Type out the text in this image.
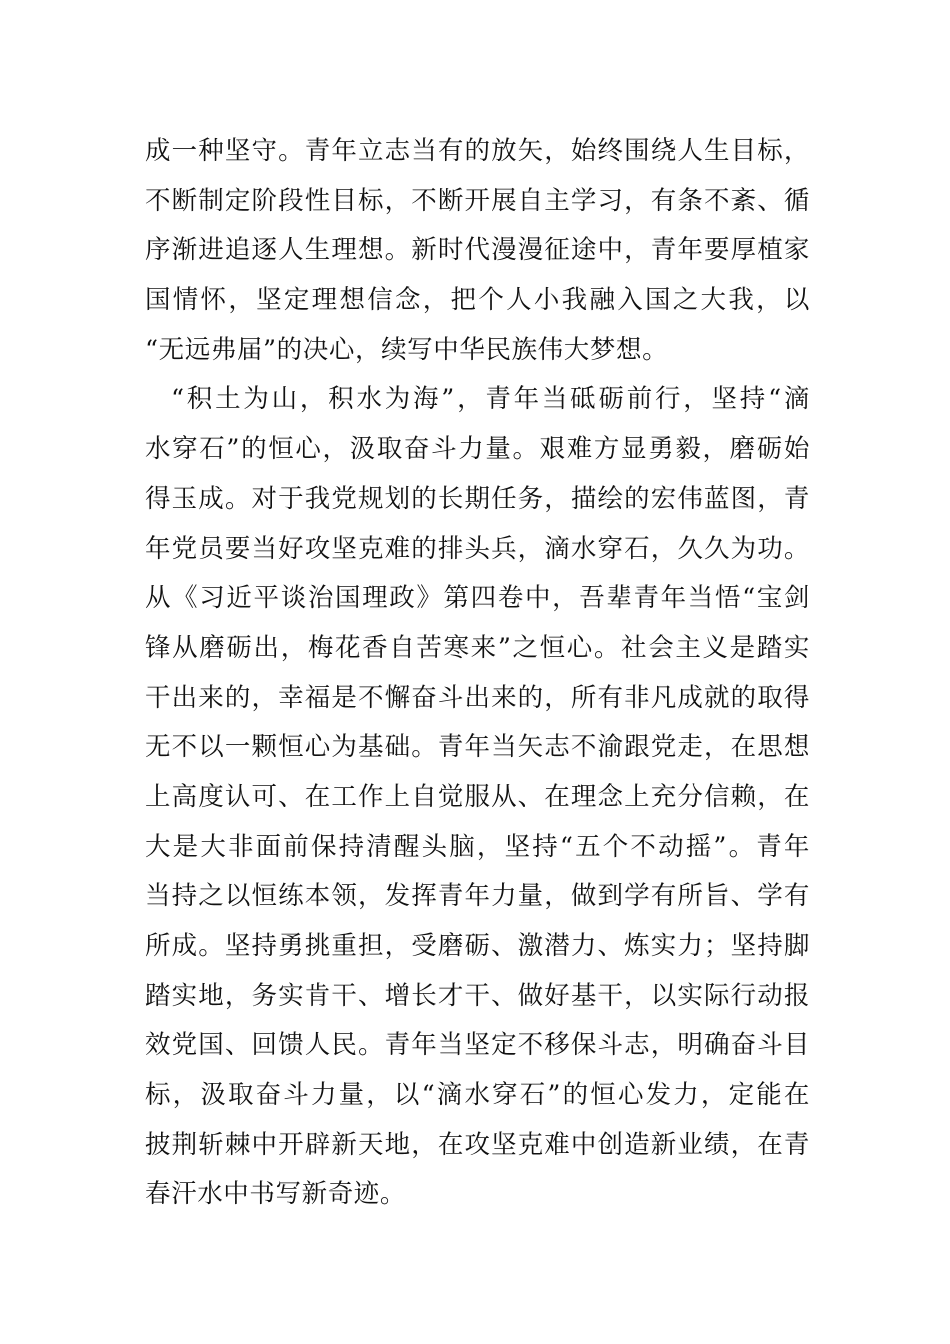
成一种坚守。青年立志当有的放矢，始终围绕人生目标，
不断制定阶段性目标，不断开展自主学习，有条不紊、循
序渐进追逐人生理想。新时代漫漫征途中，青年要厚植家
国情怀，坚定理想信念，把个人小我融入国之大我，以
“无远弗届”的决心，续写中华民族伟大梦想。
“积土为山，积水为海”，青年当砥砺前行，坚持“滴
水穿石”的恒心，汲取奋斗力量。艰难方显勇毅，磨砺始
得玉成。对于我党规划的长期任务，描绘的宏伟蓝图，青
年党员要当好攻坚克难的排头兵，滴水穿石，久久为功。
从《习近平谈治国理政》第四卷中，吾辈青年当悟“宝剑
锋从磨砺出，梅花香自苦寒来”之恒心。社会主义是踏实
干出来的，幸福是不懈奋斗出来的，所有非凡成就的取得
无不以一颗恒心为基础。青年当矢志不渝跟党走，在思想
上高度认可、在工作上自觉服从、在理念上充分信赖，在
大是大非面前保持清醒头脑，坚持“五个不动摇”。青年
当持之以恒练本领，发挥青年力量，做到学有所旨、学有
所成。坚持勇挑重担，受磨砺、激潜力、炼实力；坚持脚
踏实地，务实肯干、增长才干、做好基干，以实际行动报
效党国、回馈人民。青年当坚定不移保斗志，明确奋斗目
标，汲取奋斗力量，以“滴水穿石”的恒心发力，定能在
披荆斩棘中开辟新天地，在攻坚克难中创造新业绩，在青
春汗水中书写新奇迹。
